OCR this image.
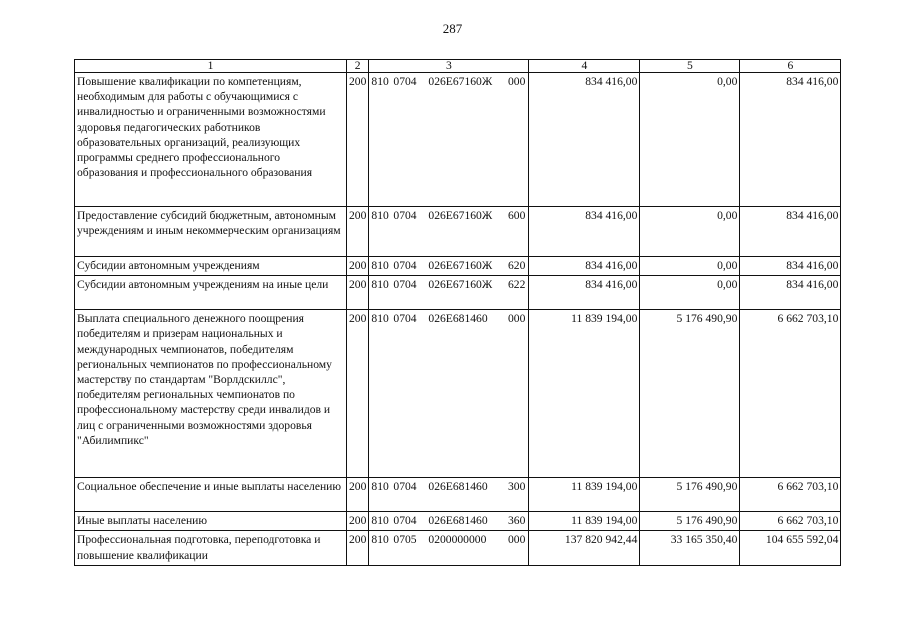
287
1	2	3	4	5	6
Повышение квалификации по компетенциям, необходимым для работы с обучающимися с инвалидностью и ограниченными возможностями здоровья педагогических работников образовательных организаций, реализующих программы среднего профессионального образования и профессионального образования	200	810 0704 026Е67160Ж 000	834 416,00	0,00	834 416,00
Предоставление субсидий бюджетным, автономным учреждениям и иным некоммерческим организациям	200	810 0704 026Е67160Ж 600	834 416,00	0,00	834 416,00
Субсидии автономным учреждениям	200	810 0704 026Е67160Ж 620	834 416,00	0,00	834 416,00
Субсидии автономным учреждениям на иные цели	200	810 0704 026Е67160Ж 622	834 416,00	0,00	834 416,00
Выплата специального денежного поощрения победителям и призерам национальных и международных чемпионатов, победителям региональных чемпионатов по профессиональному мастерству по стандартам "Ворлдскиллс", победителям региональных чемпионатов по профессиональному мастерству среди инвалидов и лиц с ограниченными возможностями здоровья "Абилимпикс"	200	810 0704 026Е681460 000	11 839 194,00	5 176 490,90	6 662 703,10
Социальное обеспечение и иные выплаты населению	200	810 0704 026Е681460 300	11 839 194,00	5 176 490,90	6 662 703,10
Иные выплаты населению	200	810 0704 026Е681460 360	11 839 194,00	5 176 490,90	6 662 703,10
Профессиональная подготовка, переподготовка и повышение квалификации	200	810 0705 0200000000 000	137 820 942,44	33 165 350,40	104 655 592,04
